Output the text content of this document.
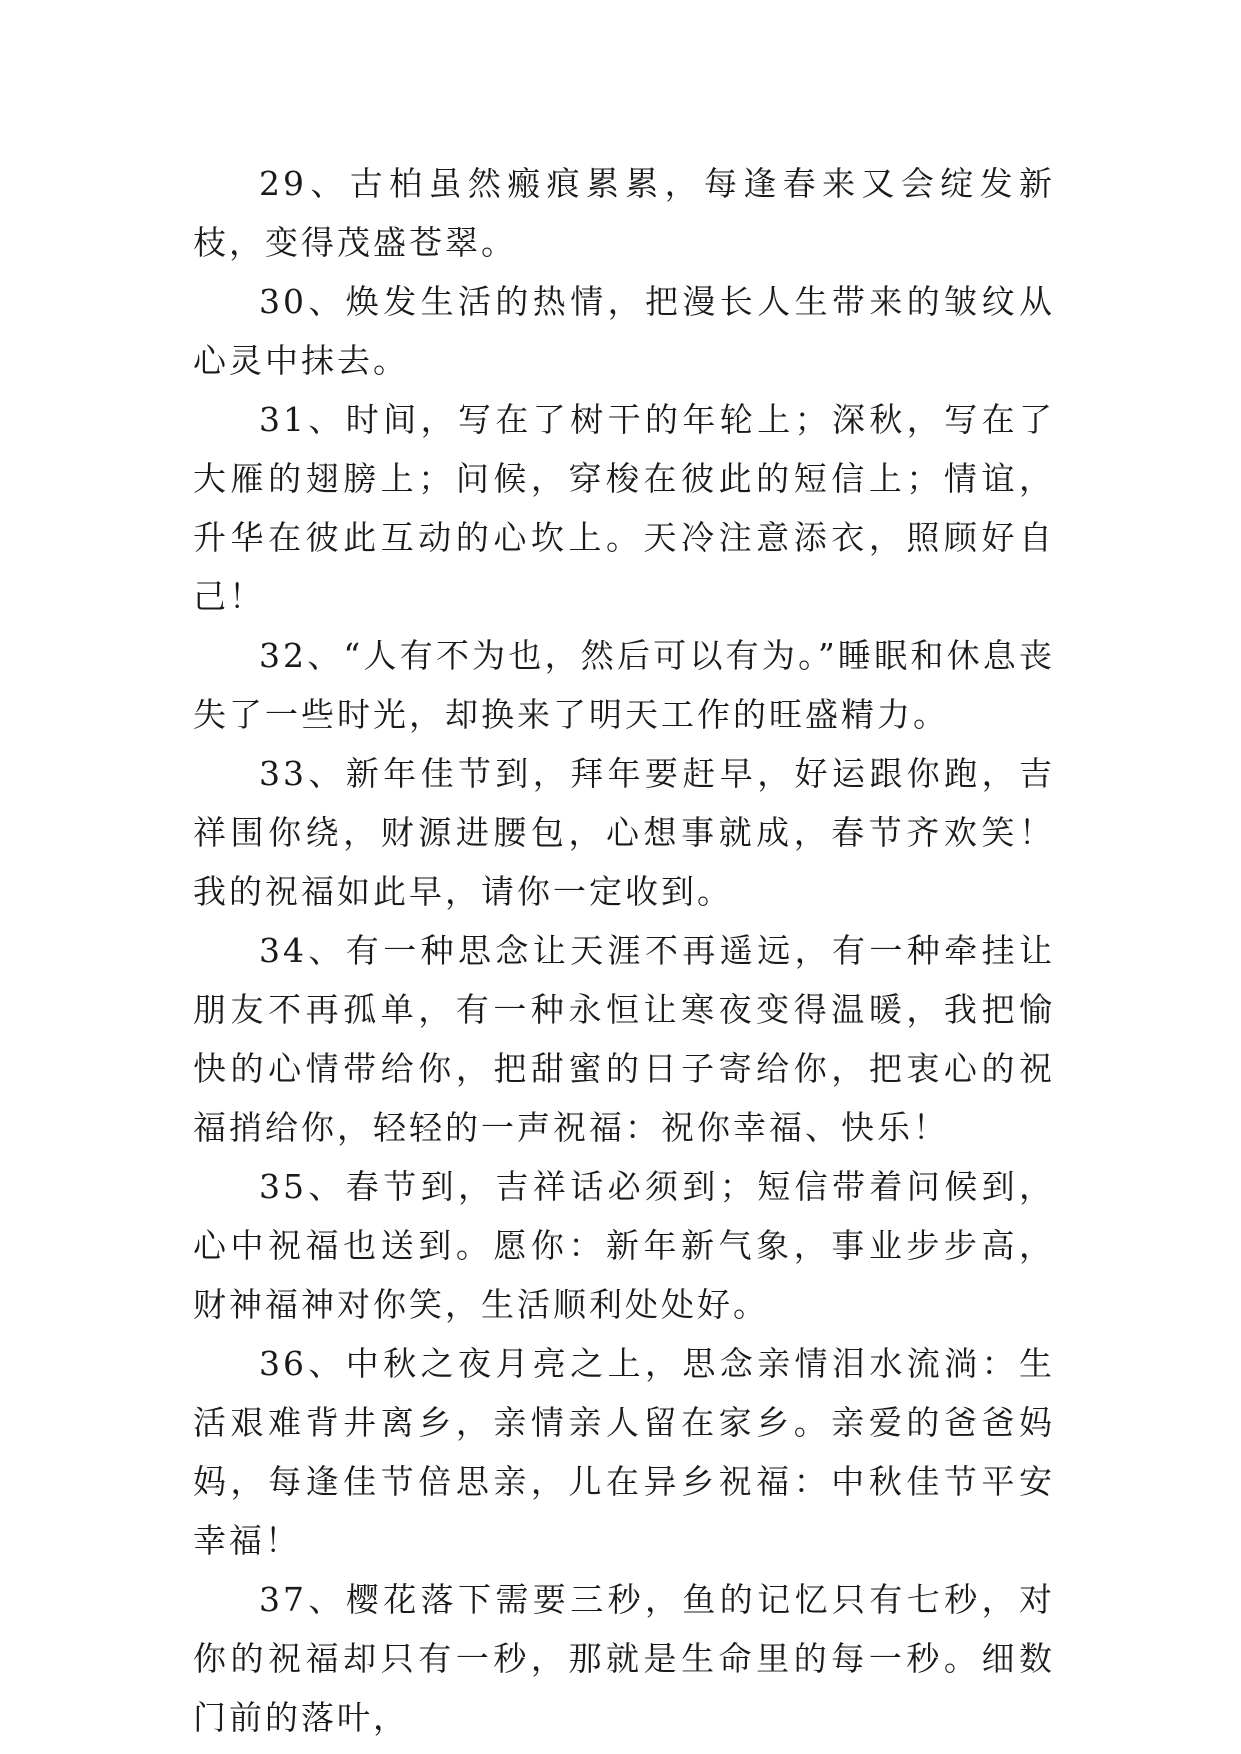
29、古柏虽然瘢痕累累，每逢春来又会绽发新枝，变得茂盛苍翠。

30、焕发生活的热情，把漫长人生带来的皱纹从心灵中抹去。

31、时间，写在了树干的年轮上；深秋，写在了大雁的翅膀上；问候，穿梭在彼此的短信上；情谊，升华在彼此互动的心坎上。天冷注意添衣，照顾好自己！

32、“人有不为也，然后可以有为。”睡眠和休息丧失了一些时光，却换来了明天工作的旺盛精力。

33、新年佳节到，拜年要赶早，好运跟你跑，吉祥围你绕，财源进腰包，心想事就成，春节齐欢笑！我的祝福如此早，请你一定收到。

34、有一种思念让天涯不再遥远，有一种牵挂让朋友不再孤单，有一种永恒让寒夜变得温暖，我把愉快的心情带给你，把甜蜜的日子寄给你，把衷心的祝福捎给你，轻轻的一声祝福：祝你幸福、快乐！

35、春节到，吉祥话必须到；短信带着问候到，心中祝福也送到。愿你：新年新气象，事业步步高，财神福神对你笑，生活顺利处处好。

36、中秋之夜月亮之上，思念亲情泪水流淌：生活艰难背井离乡，亲情亲人留在家乡。亲爱的爸爸妈妈，每逢佳节倍思亲，儿在异乡祝福：中秋佳节平安幸福！

37、樱花落下需要三秒，鱼的记忆只有七秒，对你的祝福却只有一秒，那就是生命里的每一秒。细数门前的落叶，
